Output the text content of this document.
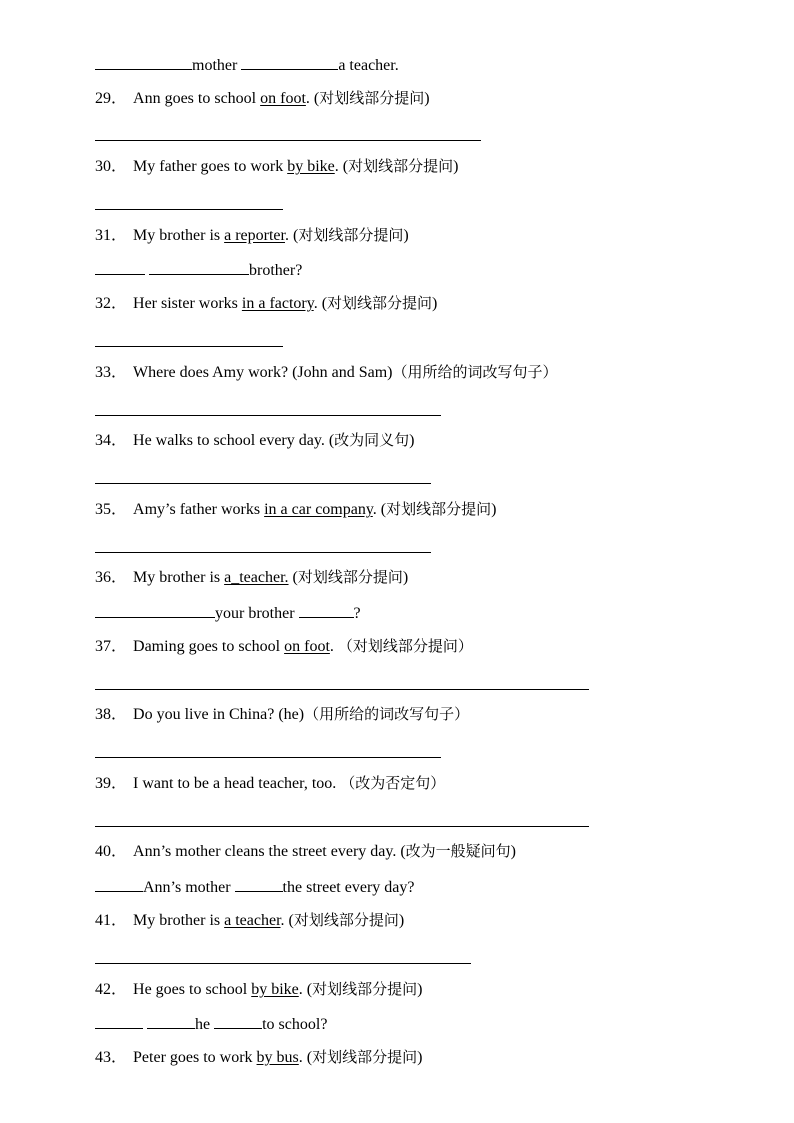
mother	a teacher.
29． Ann goes to school on foot. (对划线部分提问)
30． My father goes to work by bike. (对划线部分提问)
31． My brother is a reporter. (对划线部分提问)
brother?
32． Her sister works in a factory. (对划线部分提问)
33． Where does Amy work? (John and Sam)（用所给的词改写句子）
34． He walks to school every day. (改为同义句)
35． Amy’s father works in a car company. (对划线部分提问)
36． My brother is a_teacher. (对划线部分提问)
your brother	?
37． Daming goes to school on foot. （对划线部分提问）
38． Do you live in China? (he)（用所给的词改写句子）
39． I want to be a head teacher, too. （改为否定句）
40． Ann’s mother cleans the street every day. (改为一般疑问句)
Ann’s mother	the street every day?
41． My brother is a teacher. (对划线部分提问)
42． He goes to school by bike. (对划线部分提问)
he	to school?
43． Peter goes to work by bus. (对划线部分提问)
